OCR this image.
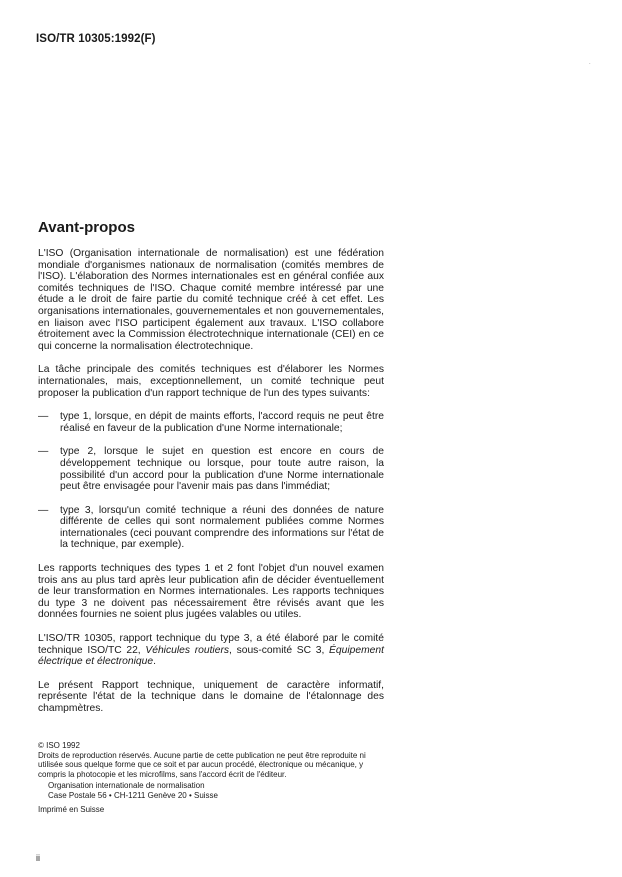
ISO/TR 10305:1992(F)
.
Avant-propos

L'ISO (Organisation internationale de normalisation) est une fédération mondiale d'organismes nationaux de normalisation (comités membres de l'ISO). L'élaboration des Normes internationales est en général confiée aux comités techniques de l'ISO. Chaque comité membre intéressé par une étude a le droit de faire partie du comité technique créé à cet effet. Les organisations internationales, gouvernementales et non gouvernementales, en liaison avec l'ISO participent également aux travaux. L'ISO collabore étroitement avec la Commission électrotechnique internationale (CEI) en ce qui concerne la normalisation électrotechnique.

La tâche principale des comités techniques est d'élaborer les Normes internationales, mais, exceptionnellement, un comité technique peut proposer la publication d'un rapport technique de l'un des types suivants:

—	type 1, lorsque, en dépit de maints efforts, l'accord requis ne peut être réalisé en faveur de la publication d'une Norme internationale;
—	type 2, lorsque le sujet en question est encore en cours de développement technique ou lorsque, pour toute autre raison, la possibilité d'un accord pour la publication d'une Norme internationale peut être envisagée pour l'avenir mais pas dans l'immédiat;
—	type 3, lorsqu'un comité technique a réuni des données de nature différente de celles qui sont normalement publiées comme Normes internationales (ceci pouvant comprendre des informations sur l'état de la technique, par exemple).

Les rapports techniques des types 1 et 2 font l'objet d'un nouvel examen trois ans au plus tard après leur publication afin de décider éventuellement de leur transformation en Normes internationales. Les rapports techniques du type 3 ne doivent pas nécessairement être révisés avant que les données fournies ne soient plus jugées valables ou utiles.

L'ISO/TR 10305, rapport technique du type 3, a été élaboré par le comité technique ISO/TC 22, Véhicules routiers, sous-comité SC 3, Équipement électrique et électronique.

Le présent Rapport technique, uniquement de caractère informatif, représente l'état de la technique dans le domaine de l'étalonnage des champmètres.

© ISO 1992

Droits de reproduction réservés. Aucune partie de cette publication ne peut être reproduite ni utilisée sous quelque forme que ce soit et par aucun procédé, électronique ou mécanique, y compris la photocopie et les microfilms, sans l'accord écrit de l'éditeur.

Organisation internationale de normalisation

Case Postale 56 • CH-1211 Genève 20 • Suisse

Imprimé en Suisse

ii
